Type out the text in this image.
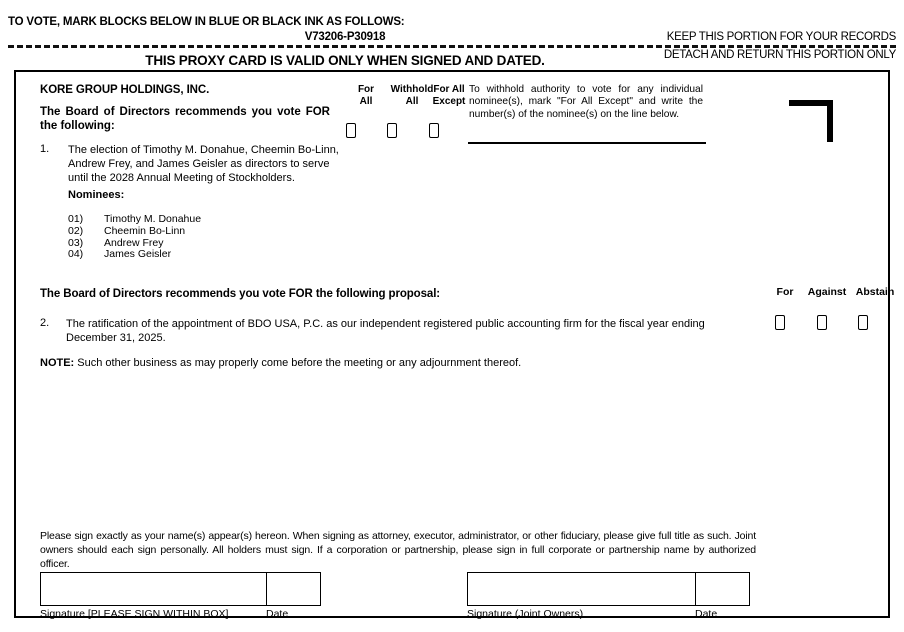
TO VOTE, MARK BLOCKS BELOW IN BLUE OR BLACK INK AS FOLLOWS:
V73206-P30918	KEEP THIS PORTION FOR YOUR RECORDS
DETACH AND RETURN THIS PORTION ONLY
THIS PROXY CARD IS VALID ONLY WHEN SIGNED AND DATED.
KORE GROUP HOLDINGS, INC.
The Board of Directors recommends you vote FOR the following:
For
All
Withhold
All
For All
Except
To withhold authority to vote for any individual nominee(s), mark "For All Except" and write the number(s) of the nominee(s) on the line below.
1. The election of Timothy M. Donahue, Cheemin Bo-Linn, Andrew Frey, and James Geisler as directors to serve until the 2028 Annual Meeting of Stockholders.
Nominees:
01)	Timothy M. Donahue
02)	Cheemin Bo-Linn
03)	Andrew Frey
04)	James Geisler
The Board of Directors recommends you vote FOR the following proposal:	For	Against Abstain
2. The ratification of the appointment of BDO USA, P.C. as our independent registered public accounting firm for the fiscal year ending
December 31, 2025.
NOTE: Such other business as may properly come before the meeting or any adjournment thereof.
Please sign exactly as your name(s) appear(s) hereon. When signing as attorney, executor, administrator, or other fiduciary, please give full title as such. Joint owners should each sign personally. All holders must sign. If a corporation or partnership, please sign in full corporate or partnership name by authorized officer.
Signature [PLEASE SIGN WITHIN BOX]	Date	Signature (Joint Owners)	Date
